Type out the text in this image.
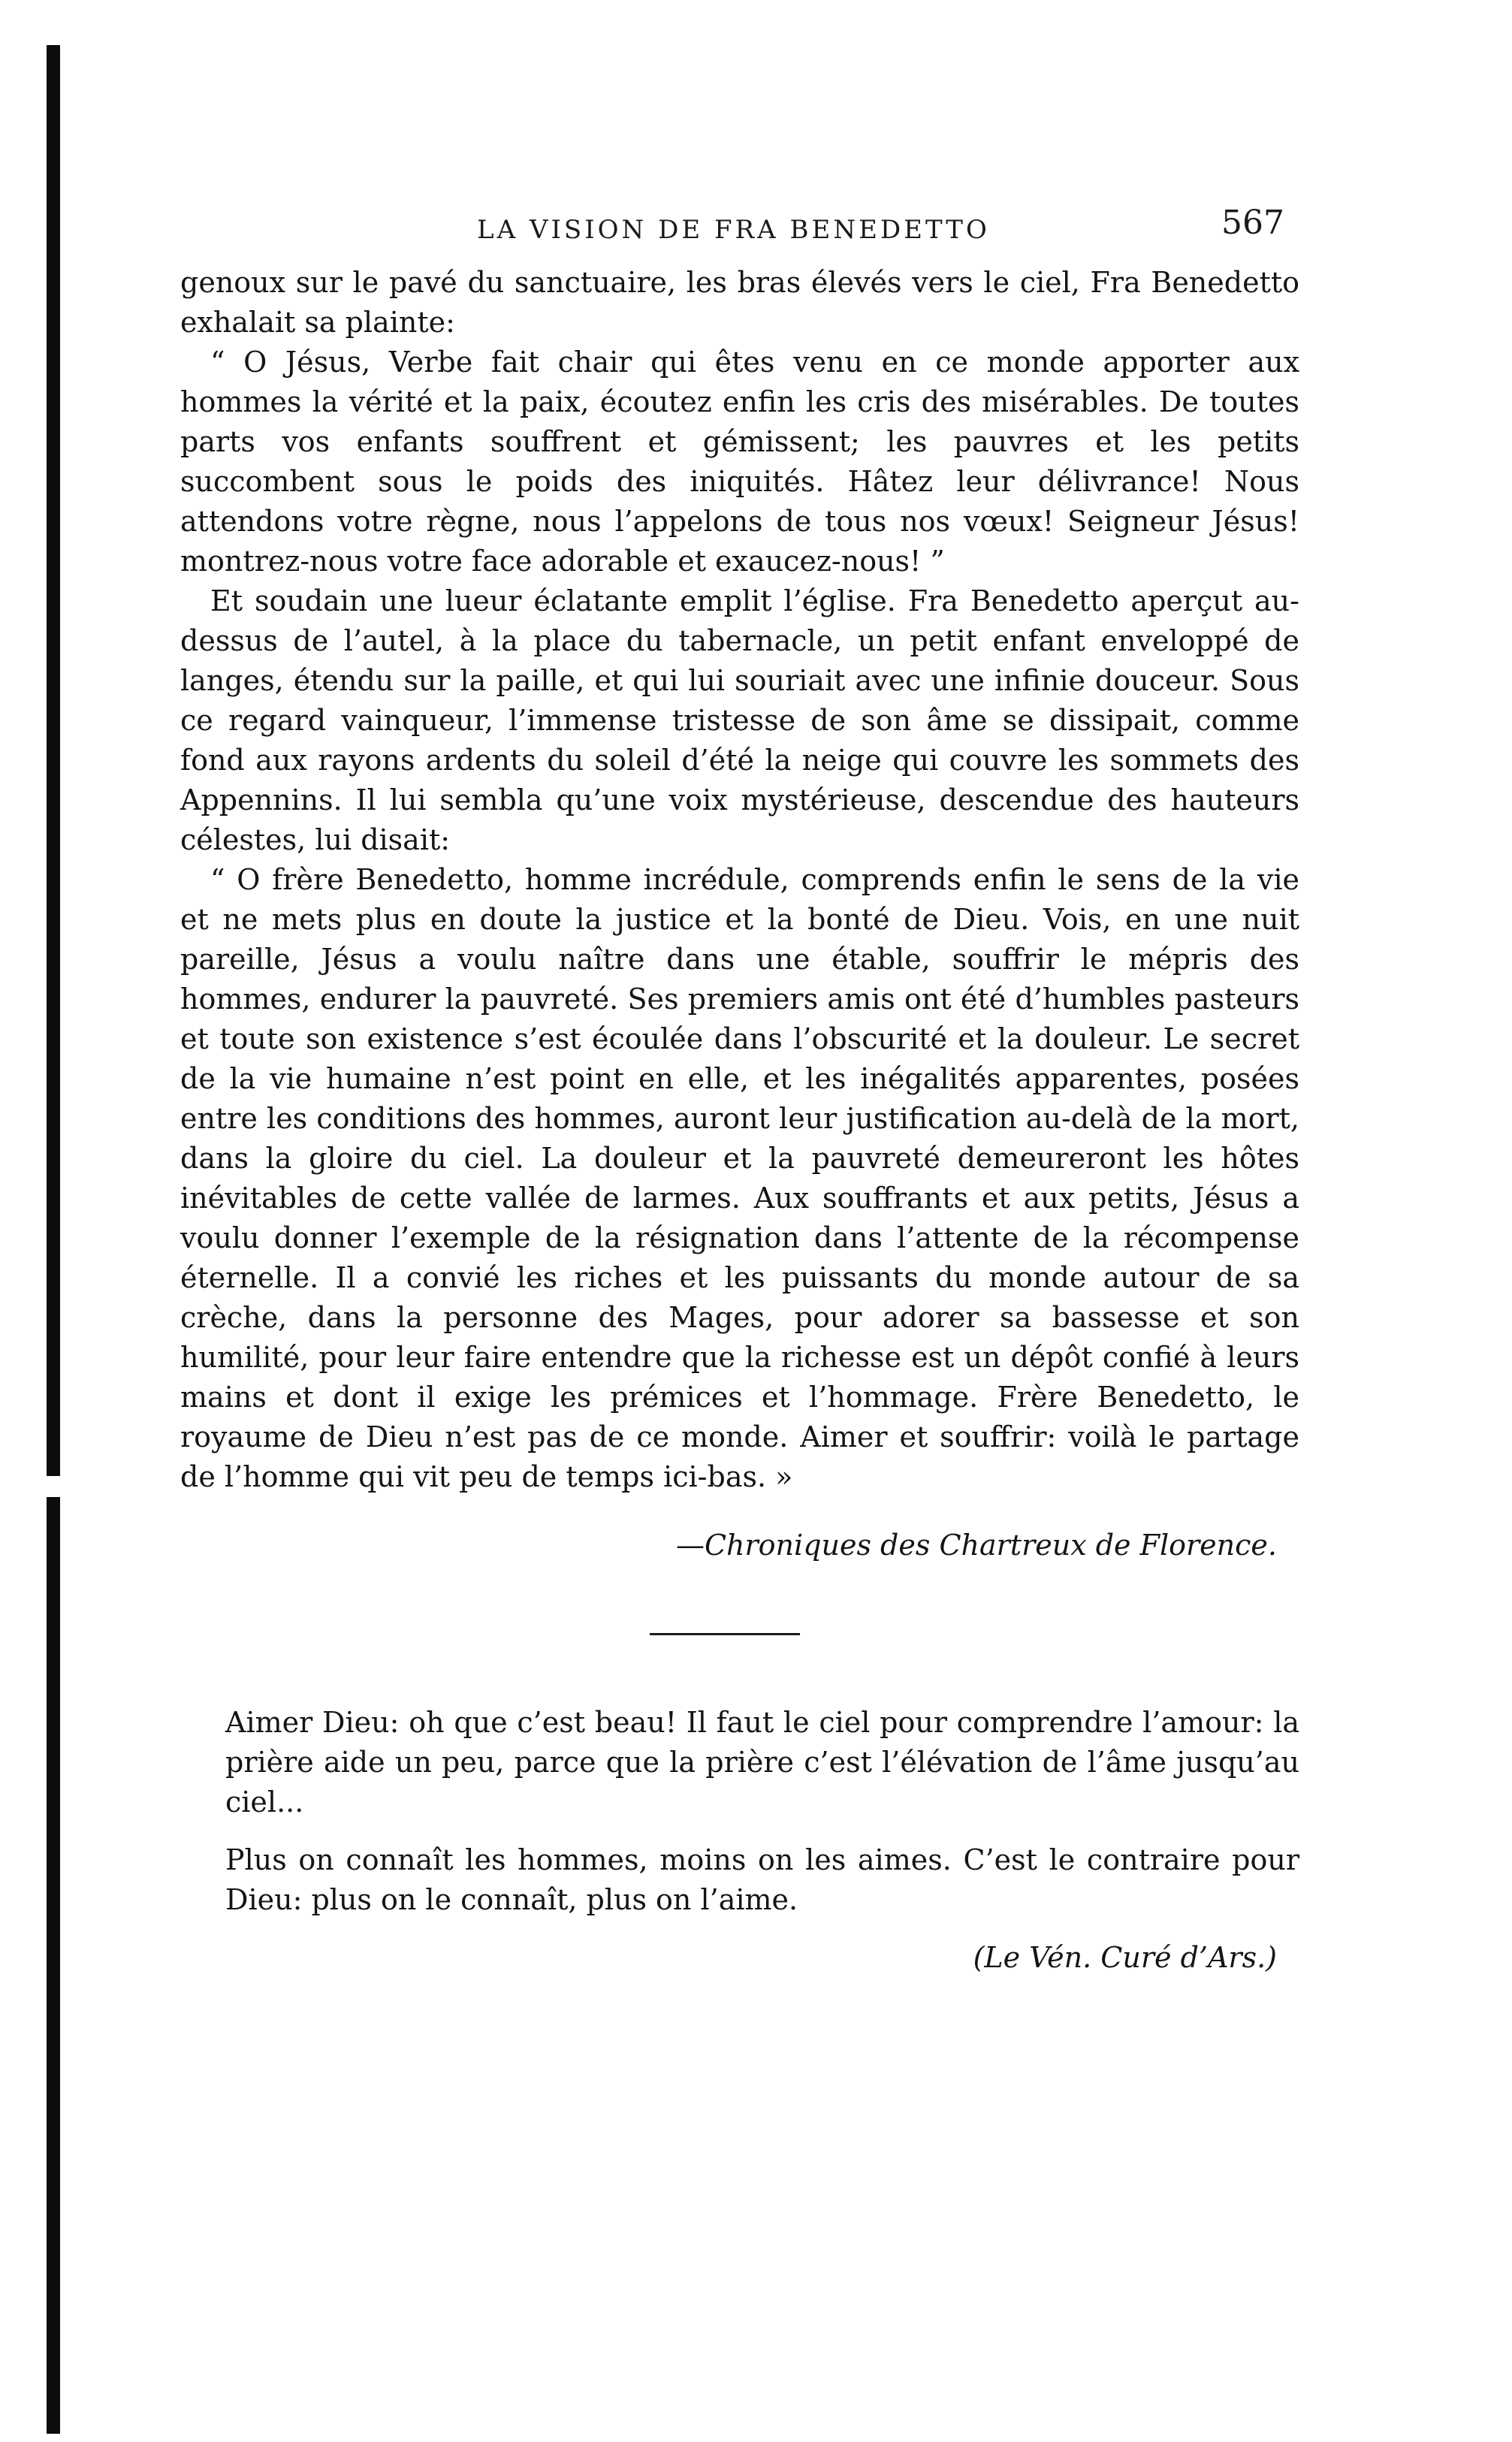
LA VISION DE FRA BENEDETTO	567

genoux sur le pavé du sanctuaire, les bras élevés vers le ciel, Fra Benedetto exhalait sa plainte:

“ O Jésus, Verbe fait chair qui êtes venu en ce monde apporter aux hommes la vérité et la paix, écoutez enfin les cris des misérables. De toutes parts vos enfants souffrent et gémissent; les pauvres et les petits succombent sous le poids des iniquités. Hâtez leur délivrance! Nous attendons votre règne, nous l’appelons de tous nos vœux! Seigneur Jésus! montrez-nous votre face adorable et exaucez-nous! ”

Et soudain une lueur éclatante emplit l’église. Fra Benedetto aperçut au-dessus de l’autel, à la place du tabernacle, un petit enfant enveloppé de langes, étendu sur la paille, et qui lui souriait avec une infinie douceur. Sous ce regard vainqueur, l’immense tristesse de son âme se dissipait, comme fond aux rayons ardents du soleil d’été la neige qui couvre les sommets des Appennins. Il lui sembla qu’une voix mystérieuse, descendue des hauteurs célestes, lui disait:

“ O frère Benedetto, homme incrédule, comprends enfin le sens de la vie et ne mets plus en doute la justice et la bonté de Dieu. Vois, en une nuit pareille, Jésus a voulu naître dans une étable, souffrir le mépris des hommes, endurer la pauvreté. Ses premiers amis ont été d’humbles pasteurs et toute son existence s’est écoulée dans l’obscurité et la douleur. Le secret de la vie humaine n’est point en elle, et les inégalités apparentes, posées entre les conditions des hommes, auront leur justification au-delà de la mort, dans la gloire du ciel. La douleur et la pauvreté demeureront les hôtes inévitables de cette vallée de larmes. Aux souffrants et aux petits, Jésus a voulu donner l’exemple de la résignation dans l’attente de la récompense éternelle. Il a convié les riches et les puissants du monde autour de sa crèche, dans la personne des Mages, pour adorer sa bassesse et son humilité, pour leur faire entendre que la richesse est un dépôt confié à leurs mains et dont il exige les prémices et l’hommage. Frère Benedetto, le royaume de Dieu n’est pas de ce monde. Aimer et souffrir: voilà le partage de l’homme qui vit peu de temps ici-bas. »

—Chroniques des Chartreux de Florence.

Aimer Dieu: oh que c’est beau! Il faut le ciel pour comprendre l’amour: la prière aide un peu, parce que la prière c’est l’élévation de l’âme jusqu’au ciel...

Plus on connaît les hommes, moins on les aimes. C’est le contraire pour Dieu: plus on le connaît, plus on l’aime.

(Le Vén. Curé d’Ars.)
